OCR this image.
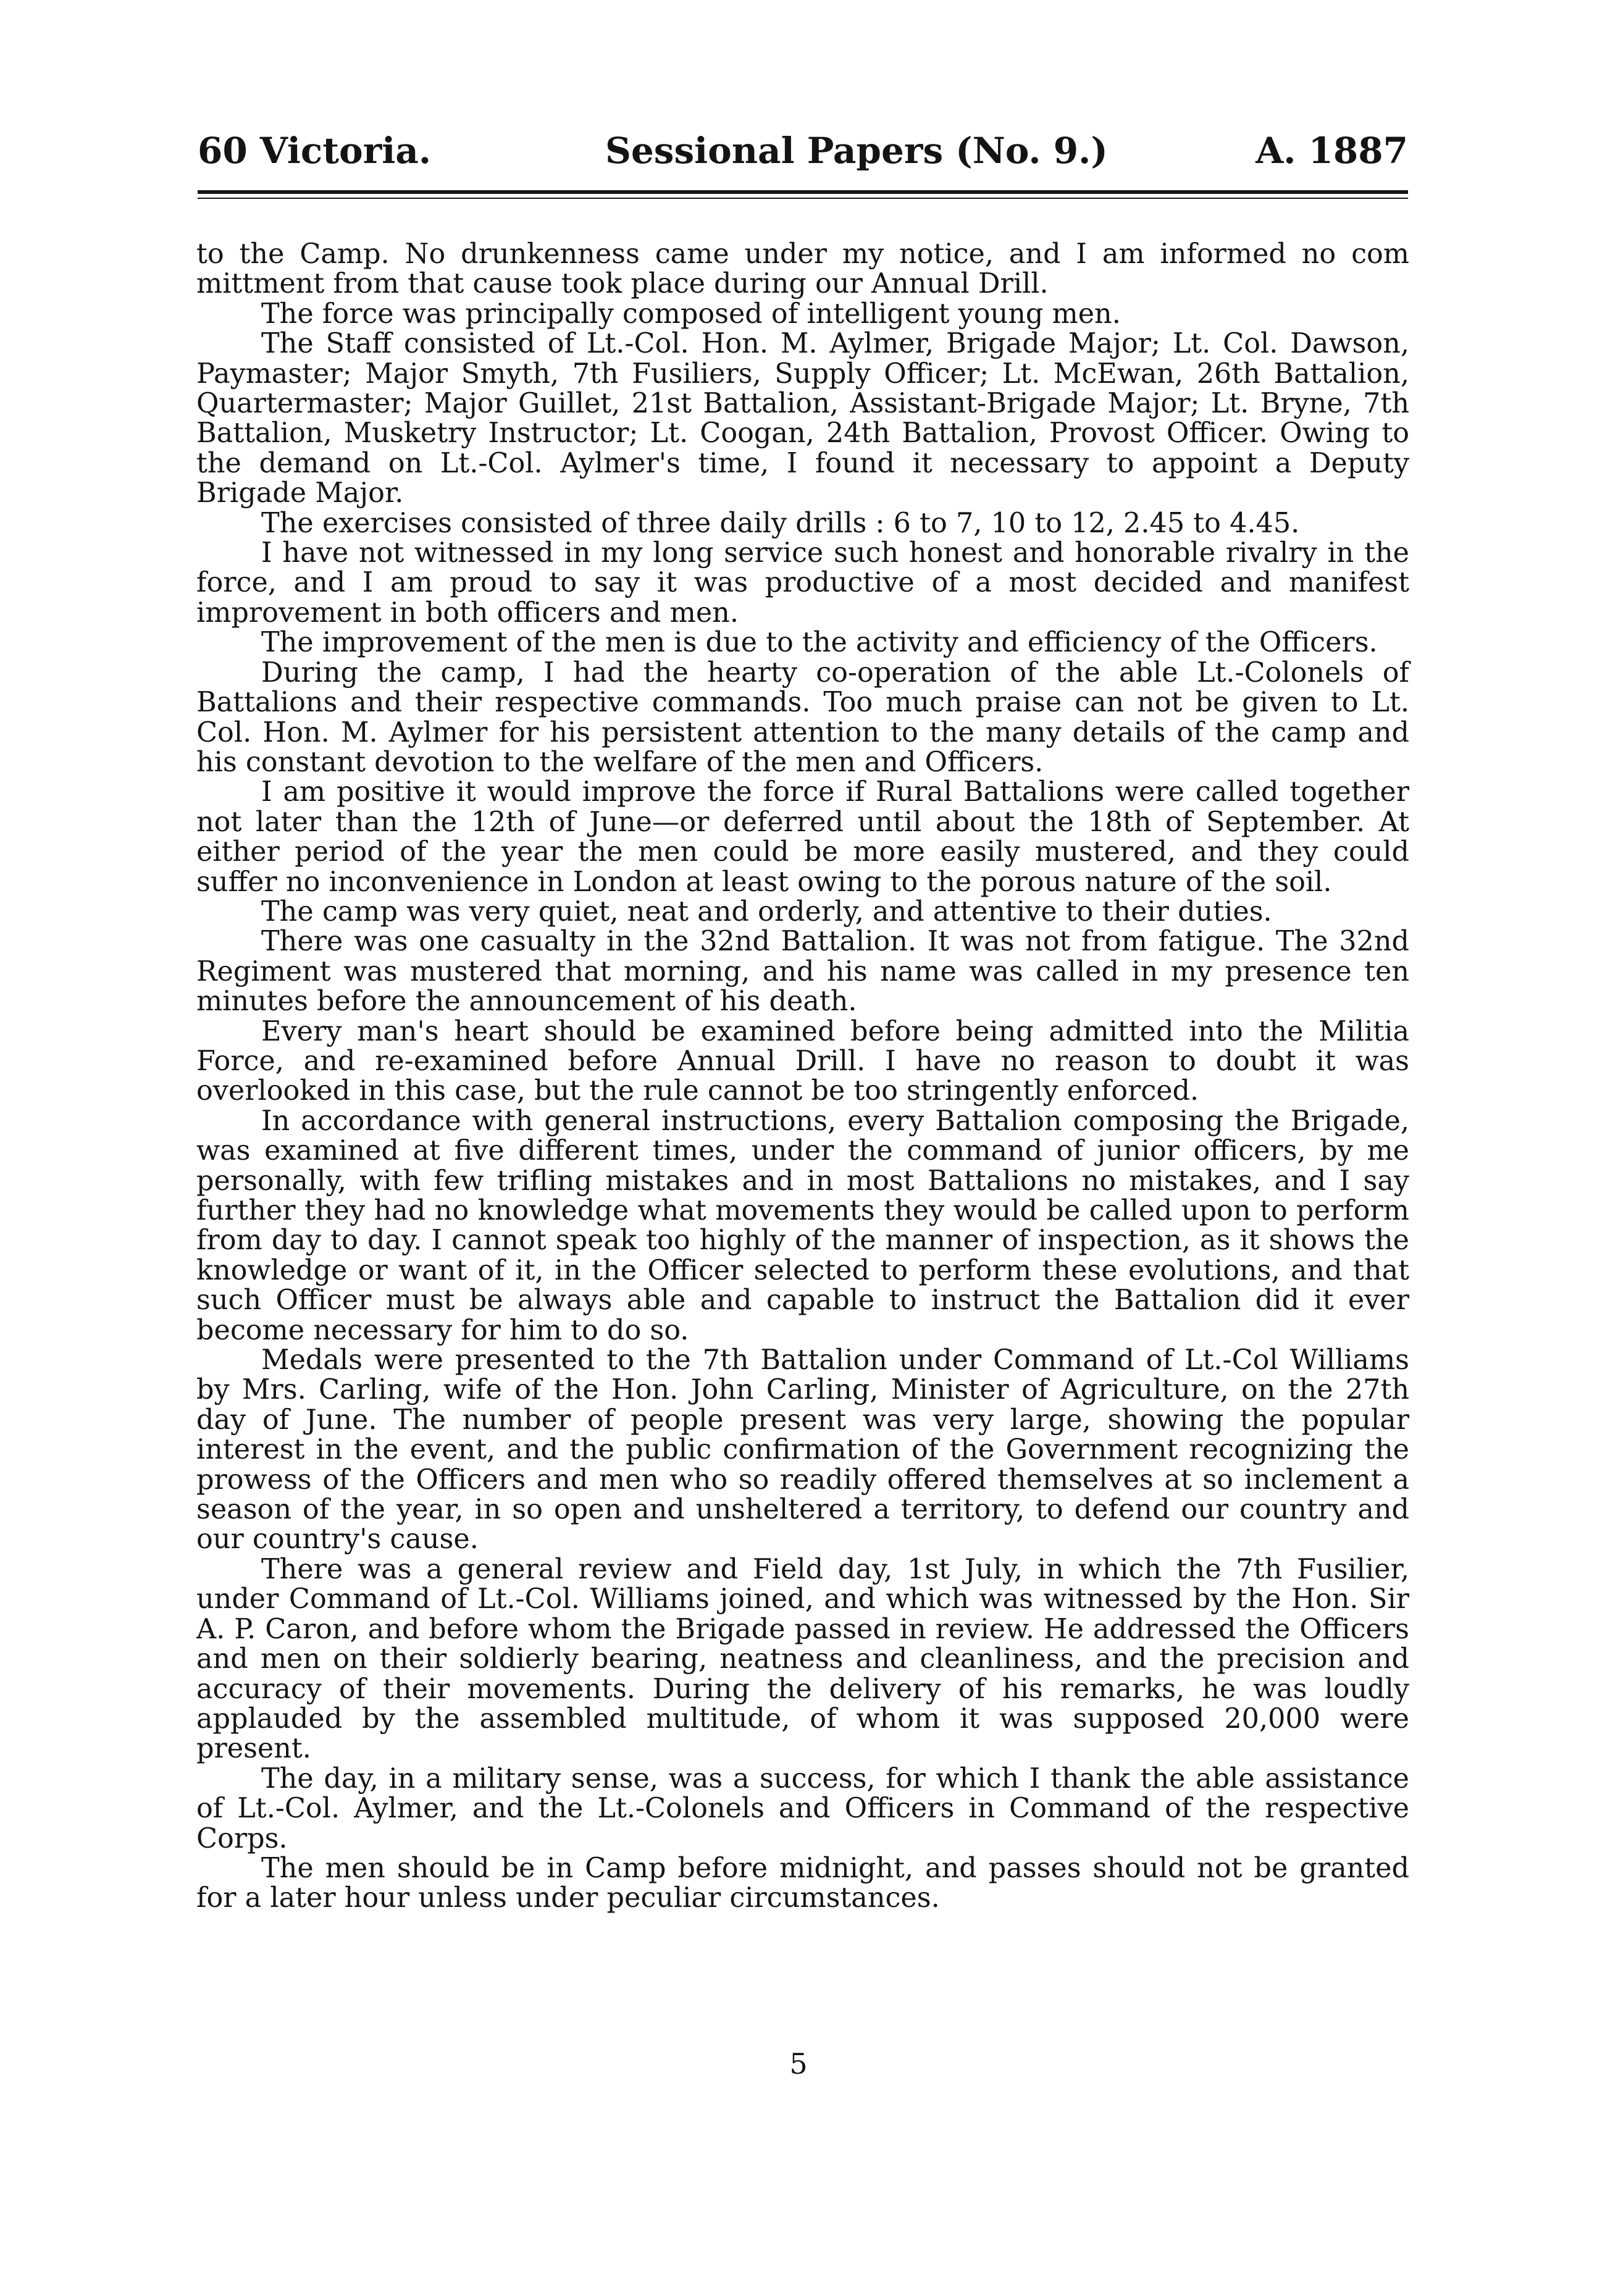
60 Victoria.	Sessional Papers (No. 9.)	A. 1887

to the Camp. No drunkenness came under my notice, and I am informed no com mittment from that cause took place during our Annual Drill.

The force was principally composed of intelligent young men.

The Staff consisted of Lt.-Col. Hon. M. Aylmer, Brigade Major; Lt. Col. Dawson, Paymaster; Major Smyth, 7th Fusiliers, Supply Officer; Lt. McEwan, 26th Battalion, Quartermaster; Major Guillet, 21st Battalion, Assistant-Brigade Major; Lt. Bryne, 7th Battalion, Musketry Instructor; Lt. Coogan, 24th Battalion, Provost Officer. Owing to the demand on Lt.-Col. Aylmer's time, I found it necessary to appoint a Deputy Brigade Major.

The exercises consisted of three daily drills : 6 to 7, 10 to 12, 2.45 to 4.45.

I have not witnessed in my long service such honest and honorable rivalry in the force, and I am proud to say it was productive of a most decided and manifest improvement in both officers and men.

The improvement of the men is due to the activity and efficiency of the Officers.

During the camp, I had the hearty co-operation of the able Lt.-Colonels of Battalions and their respective commands. Too much praise can not be given to Lt. Col. Hon. M. Aylmer for his persistent attention to the many details of the camp and his constant devotion to the welfare of the men and Officers.

I am positive it would improve the force if Rural Battalions were called together not later than the 12th of June—or deferred until about the 18th of September. At either period of the year the men could be more easily mustered, and they could suffer no inconvenience in London at least owing to the porous nature of the soil.

The camp was very quiet, neat and orderly, and attentive to their duties.

There was one casualty in the 32nd Battalion. It was not from fatigue. The 32nd Regiment was mustered that morning, and his name was called in my presence ten minutes before the announcement of his death.

Every man's heart should be examined before being admitted into the Militia Force, and re-examined before Annual Drill. I have no reason to doubt it was overlooked in this case, but the rule cannot be too stringently enforced.

In accordance with general instructions, every Battalion composing the Brigade, was examined at five different times, under the command of junior officers, by me personally, with few trifling mistakes and in most Battalions no mistakes, and I say further they had no knowledge what movements they would be called upon to perform from day to day. I cannot speak too highly of the manner of inspection, as it shows the knowledge or want of it, in the Officer selected to perform these evolutions, and that such Officer must be always able and capable to instruct the Battalion did it ever become necessary for him to do so.

Medals were presented to the 7th Battalion under Command of Lt.-Col Williams by Mrs. Carling, wife of the Hon. John Carling, Minister of Agriculture, on the 27th day of June. The number of people present was very large, showing the popular interest in the event, and the public confirmation of the Government recognizing the prowess of the Officers and men who so readily offered themselves at so inclement a season of the year, in so open and unsheltered a territory, to defend our country and our country's cause.

There was a general review and Field day, 1st July, in which the 7th Fusilier, under Command of Lt.-Col. Williams joined, and which was witnessed by the Hon. Sir A. P. Caron, and before whom the Brigade passed in review. He addressed the Officers and men on their soldierly bearing, neatness and cleanliness, and the precision and accuracy of their movements. During the delivery of his remarks, he was loudly applauded by the assembled multitude, of whom it was supposed 20,000 were present.

The day, in a military sense, was a success, for which I thank the able assistance of Lt.-Col. Aylmer, and the Lt.-Colonels and Officers in Command of the respective Corps.

The men should be in Camp before midnight, and passes should not be granted for a later hour unless under peculiar circumstances.

5
